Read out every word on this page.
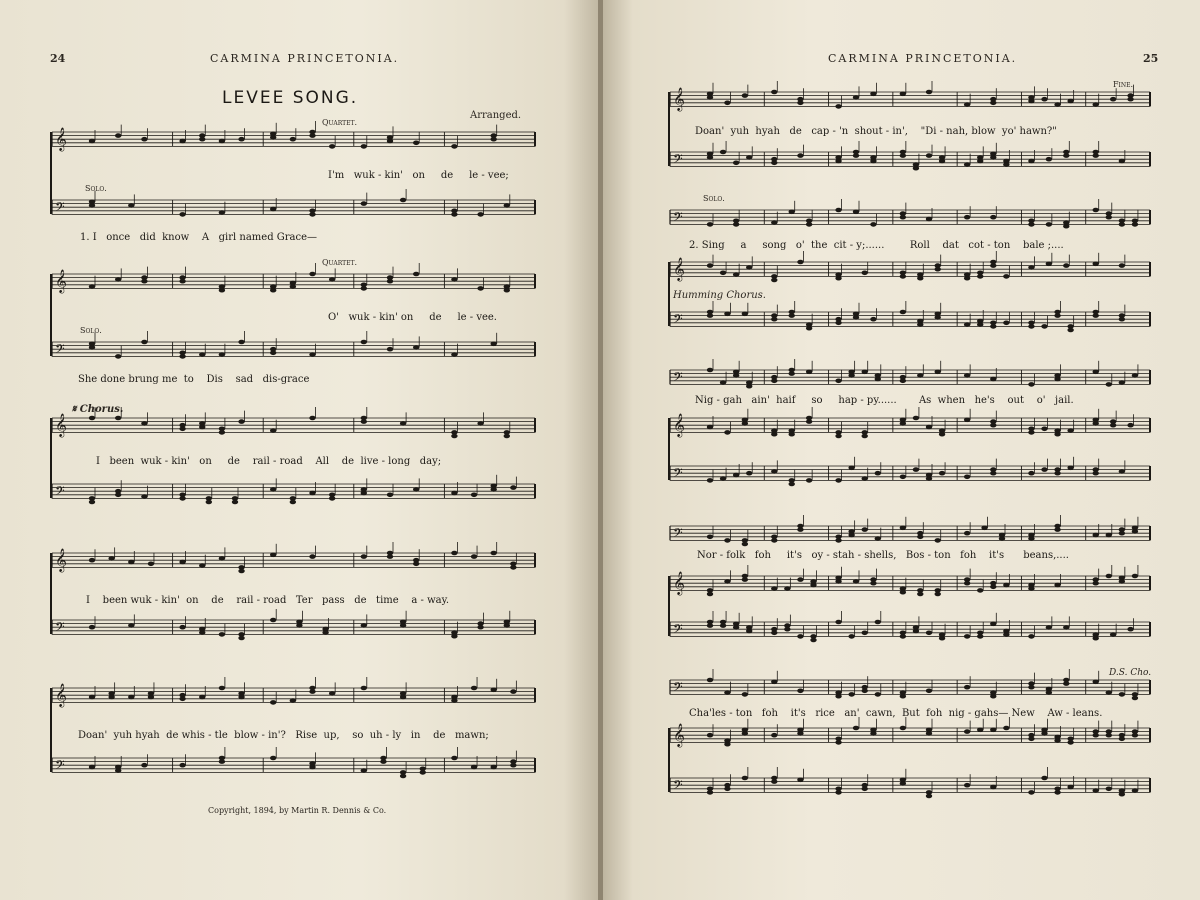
24	CARMINA PRINCETONIA.
LEVEE SONG.
Arranged.
Quartet.
Solo.
Quartet.
Solo.
𝄋 Chorus.
I'm   wuk - kin'   on     de     le - vee;
1. I   once   did  know    A   girl named Grace—
O'   wuk - kin' on     de     le - vee.
She done brung me  to    Dis    sad   dis-grace
I   been  wuk - kin'   on     de    rail - road    All    de  live - long   day;
I    been wuk - kin'  on    de    rail - road   Ter   pass   de   time    a - way.
Doan'  yuh hyah  de whis - tle  blow - in'?   Rise  up,    so  uh - ly   in    de   mawn;
Copyright, 1894, by Martin R. Dennis & Co.
CARMINA PRINCETONIA.	25
Fine.
Solo.
Humming Chorus.
D.S. Cho.
Doan'  yuh  hyah   de   cap - 'n  shout - in',    "Di - nah, blow  yo' hawn?"
2. Sing     a     song   o'  the  cit - y;......        Roll    dat   cot - ton    bale ;....
Nig - gah   ain'  haif     so     hap - py......       As  when   he's    out    o'   jail.
Nor - folk   foh     it's   oy - stah - shells,   Bos - ton   foh    it's      beans,....
Cha'les - ton   foh    it's   rice   an'  cawn,  But  foh  nig - gahs— New    Aw - leans.
𝄞
𝄢
𝄞
𝄢
𝄞
𝄢
𝄞
𝄢
𝄞
𝄢
𝄞
𝄢
𝄢
𝄞
𝄢
𝄢
𝄞
𝄢
𝄢
𝄞
𝄢
𝄢
𝄞
𝄢
